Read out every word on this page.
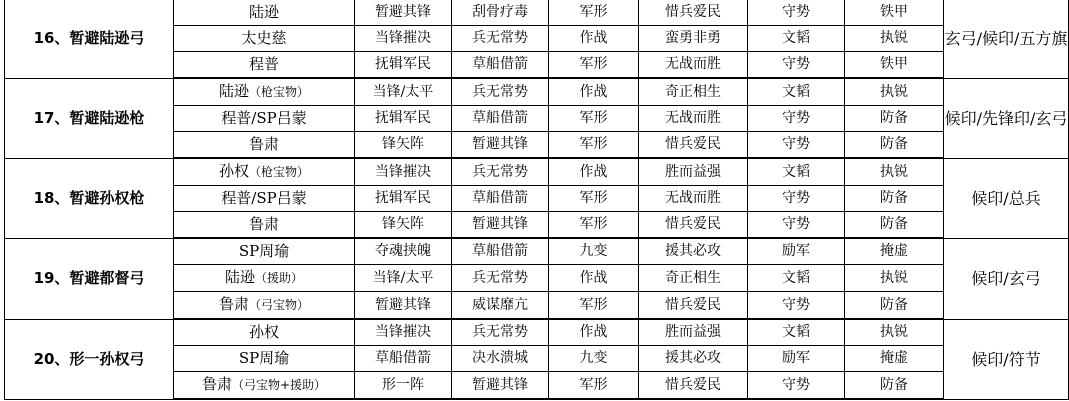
16、暂避陆逊弓	陆逊	暂避其锋	刮骨疗毒	军形	惜兵爱民	守势	铁甲	玄弓/候印/五方旗
	太史慈	当锋摧决	兵无常势	作战	蛮勇非勇	文韬	执锐	
	程普	抚辑军民	草船借箭	军形	无战而胜	守势	铁甲	
17、暂避陆逊枪	陆逊（枪宝物）	当锋/太平	兵无常势	作战	奇正相生	文韬	执锐	候印/先锋印/玄弓
	程普/SP吕蒙	抚辑军民	草船借箭	军形	无战而胜	守势	防备	
	鲁肃	锋矢阵	暂避其锋	军形	惜兵爱民	守势	防备	
18、暂避孙权枪	孙权（枪宝物）	当锋摧决	兵无常势	作战	胜而益强	文韬	执锐	候印/总兵
	程普/SP吕蒙	抚辑军民	草船借箭	军形	无战而胜	守势	防备	
	鲁肃	锋矢阵	暂避其锋	军形	惜兵爱民	守势	防备	
19、暂避都督弓	SP周瑜	夺魂挟魄	草船借箭	九变	援其必攻	励军	掩虚	候印/玄弓
	陆逊（援助）	当锋/太平	兵无常势	作战	奇正相生	文韬	执锐	
	鲁肃（弓宝物）	暂避其锋	威谋靡亢	军形	惜兵爱民	守势	防备	
20、形一孙权弓	孙权	当锋摧决	兵无常势	作战	胜而益强	文韬	执锐	候印/符节
	SP周瑜	草船借箭	决水溃城	九变	援其必攻	励军	掩虚	
	鲁肃（弓宝物+援助）	形一阵	暂避其锋	军形	惜兵爱民	守势	防备	
